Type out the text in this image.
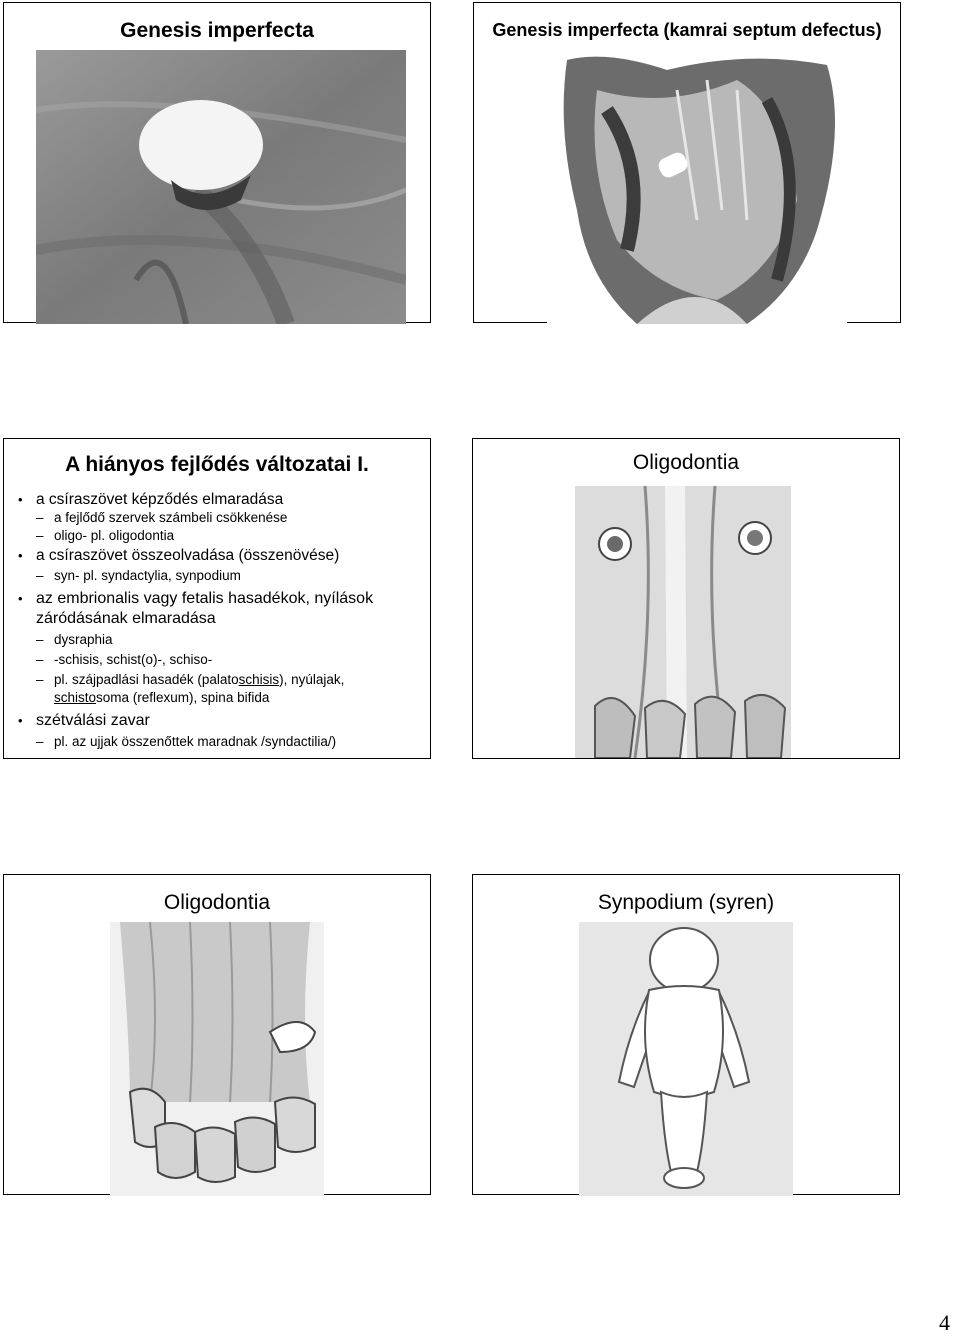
Genesis imperfecta	Genesis imperfecta (kamrai septum defectus)
A hiányos fejlődés változatai I.

• a csíraszövet képződés elmaradása

– a fejlődő szervek számbeli csökkenése

– oligo- pl. oligodontia

• a csíraszövet összeolvadása (összenövése)

– syn- pl. syndactylia, synpodium

• az embrionalis vagy fetalis hasadékok, nyílások záródásának elmaradása

– dysraphia

– -schisis, schist(o)-, schiso-

– pl. szájpadlási hasadék (palatoschisis), nyúlajak,
schistosoma (reflexum), spina bifida

• szétválási zavar

– pl. az ujjak összenőttek maradnak /syndactilia/)

Oligodontia
Oligodontia	Synpodium (syren)
4
